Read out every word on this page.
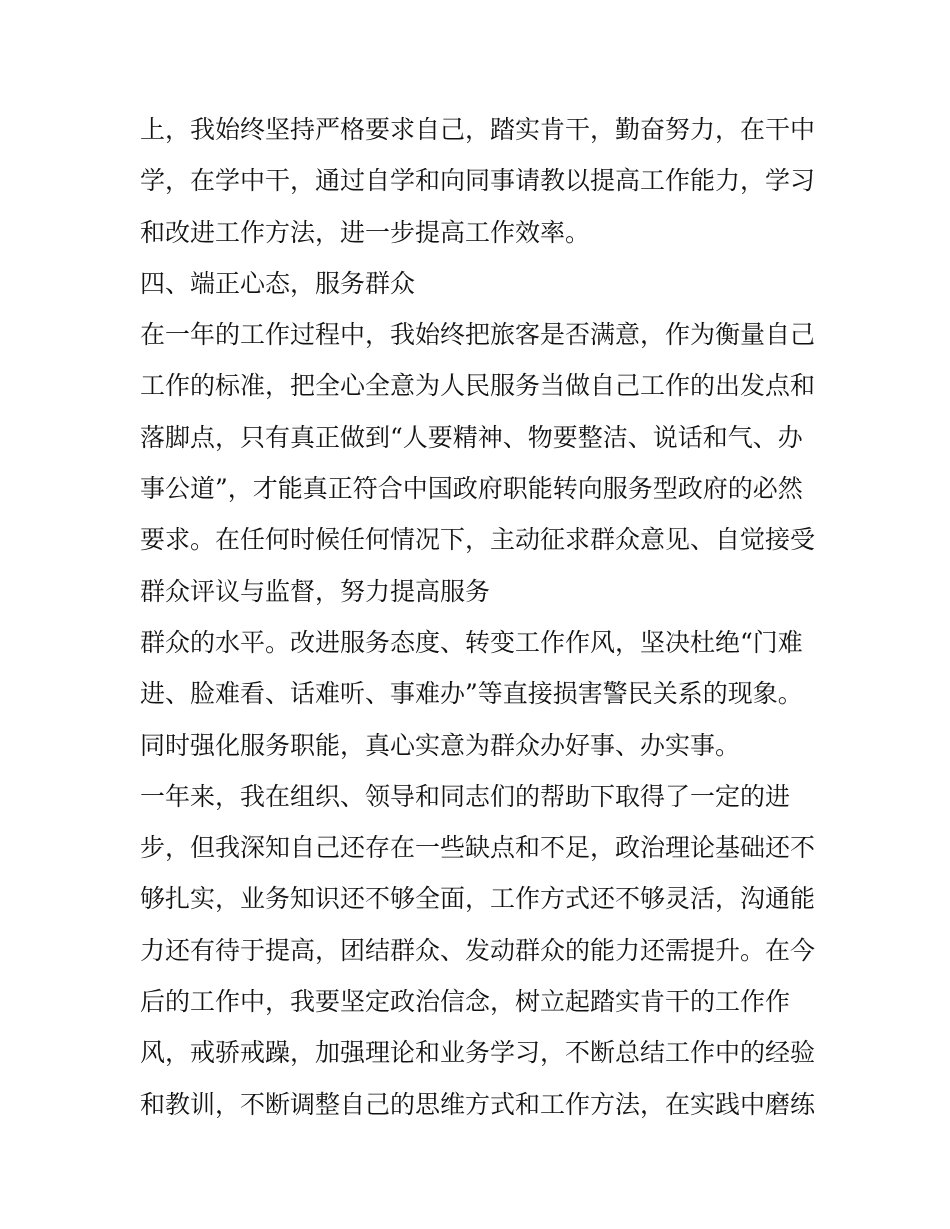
上，我始终坚持严格要求自己，踏实肯干，勤奋努力，在干中
学，在学中干，通过自学和向同事请教以提高工作能力，学习
和改进工作方法，进一步提高工作效率。
四、端正心态，服务群众
在一年的工作过程中，我始终把旅客是否满意，作为衡量自己
工作的标准，把全心全意为人民服务当做自己工作的出发点和
落脚点，只有真正做到“人要精神、物要整洁、说话和气、办
事公道”，才能真正符合中国政府职能转向服务型政府的必然
要求。在任何时候任何情况下，主动征求群众意见、自觉接受
群众评议与监督，努力提高服务
群众的水平。改进服务态度、转变工作作风，坚决杜绝“门难
进、脸难看、话难听、事难办”等直接损害警民关系的现象。
同时强化服务职能，真心实意为群众办好事、办实事。
一年来，我在组织、领导和同志们的帮助下取得了一定的进
步，但我深知自己还存在一些缺点和不足，政治理论基础还不
够扎实，业务知识还不够全面，工作方式还不够灵活，沟通能
力还有待于提高，团结群众、发动群众的能力还需提升。在今
后的工作中，我要坚定政治信念，树立起踏实肯干的工作作
风，戒骄戒躁，加强理论和业务学习，不断总结工作中的经验
和教训，不断调整自己的思维方式和工作方法，在实践中磨练
